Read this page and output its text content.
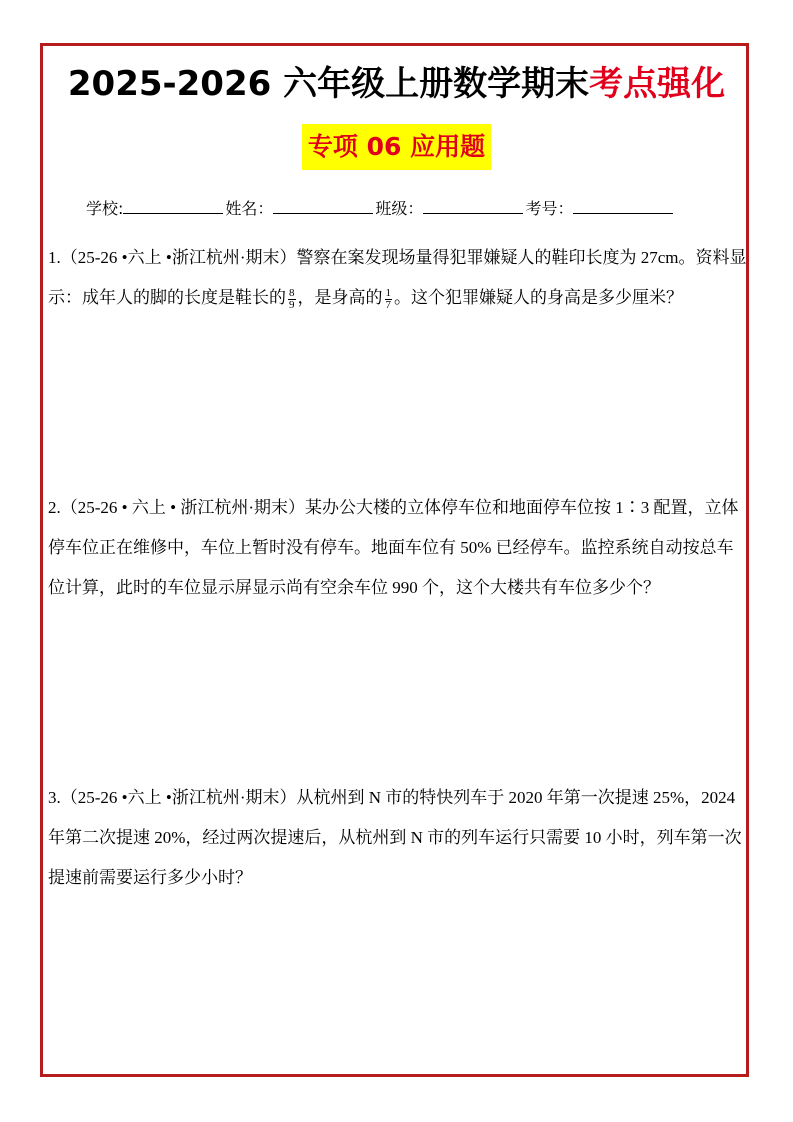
2025-2026 六年级上册数学期末考点强化
专项 06 应用题
学校:	姓名：	班级：	考号：
1.（25-26 •六上 •浙江杭州·期末）警察在案发现场量得犯罪嫌疑人的鞋印长度为 27cm。资料显示：成年人的脚的长度是鞋长的 $\frac{8}{9}$ ，是身高的 $\frac{1}{7}$ 。这个犯罪嫌疑人的身高是多少厘米？
2.（25-26 • 六上 • 浙江杭州·期末）某办公大楼的立体停车位和地面停车位按 1∶3 配置，立体停车位正在维修中，车位上暂时没有停车。地面车位有 50% 已经停车。监控系统自动按总车位计算，此时的车位显示屏显示尚有空余车位 990 个，这个大楼共有车位多少个？
3.（25-26 •六上 •浙江杭州·期末）从杭州到 N 市的特快列车于 2020 年第一次提速 25%，2024 年第二次提速 20%，经过两次提速后，从杭州到 N 市的列车运行只需要 10 小时，列车第一次提速前需要运行多少小时？
